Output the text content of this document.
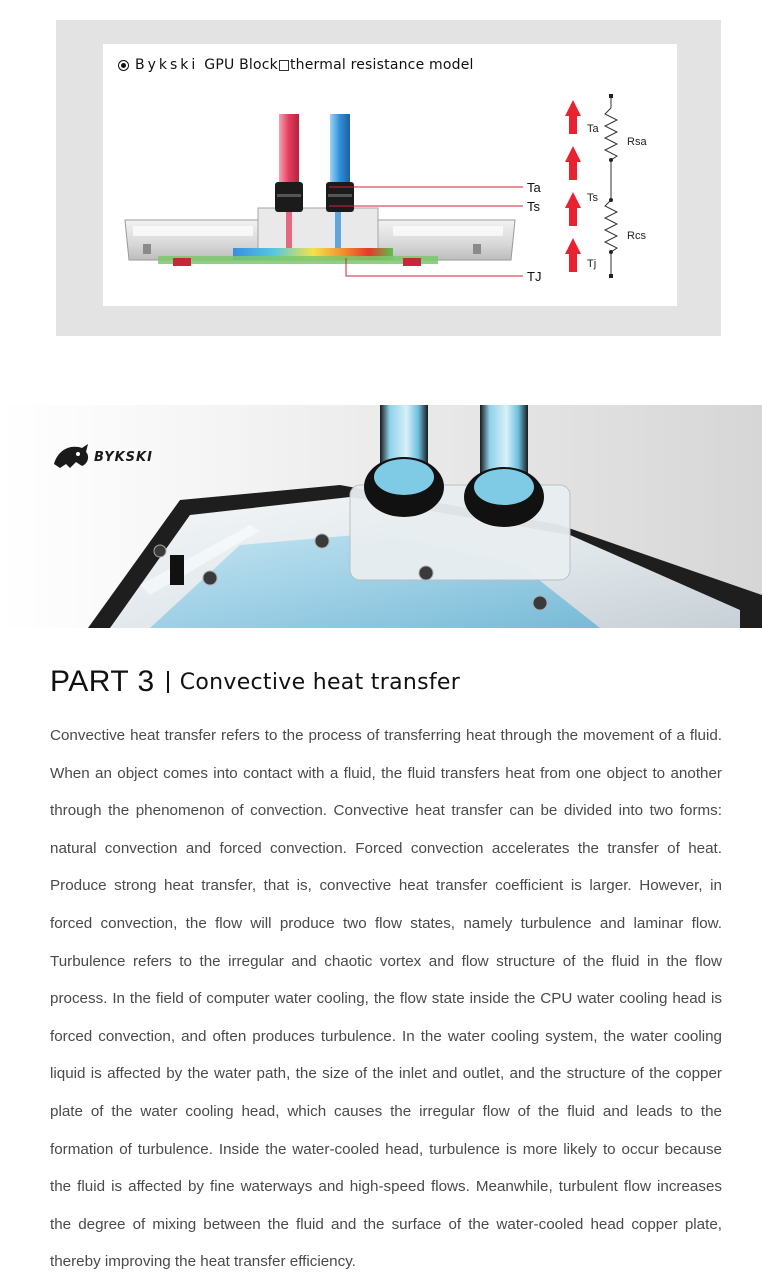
Bykski GPU Block thermal resistance model
Ta
Ts
TJ
Ta
Ts
Tj
Rsa
Rcs
BYKSKI
PART 3 Convective heat transfer

Convective heat transfer refers to the process of transferring heat through the movement of a fluid. When an object comes into contact with a fluid, the fluid transfers heat from one object to another through the phenomenon of convection. Convective heat transfer can be divided into two forms: natural convection and forced convection. Forced convection accelerates the transfer of heat. Produce strong heat transfer, that is, convective heat transfer coefficient is larger. However, in forced convection, the flow will produce two flow states, namely turbulence and laminar flow. Turbulence refers to the irregular and chaotic vortex and flow structure of the fluid in the flow process. In the field of computer water cooling, the flow state inside the CPU water cooling head is forced convection, and often produces turbulence. In the water cooling system, the water cooling liquid is affected by the water path, the size of the inlet and outlet, and the structure of the copper plate of the water cooling head, which causes the irregular flow of the fluid and leads to the formation of turbulence. Inside the water-cooled head, turbulence is more likely to occur because the fluid is affected by fine waterways and high-speed flows. Meanwhile, turbulent flow increases the degree of mixing between the fluid and the surface of the water-cooled head copper plate, thereby improving the heat transfer efficiency.
